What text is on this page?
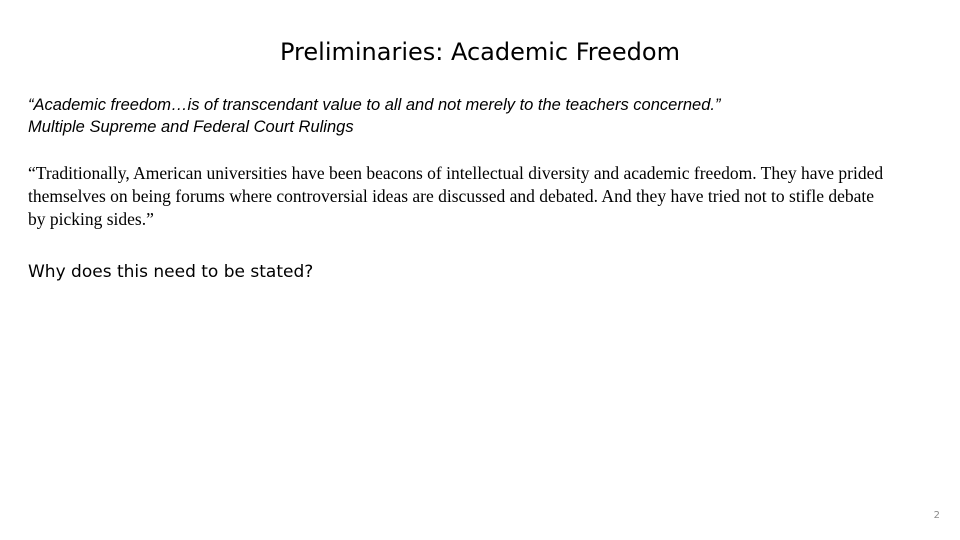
Preliminaries: Academic Freedom
“Academic freedom…is of transcendant value to all and not merely to the teachers concerned.”
Multiple Supreme and Federal Court Rulings
“Traditionally, American universities have been beacons of intellectual diversity and academic freedom. They have prided
themselves on being forums where controversial ideas are discussed and debated. And they have tried not to stifle debate
by picking sides.”
Why does this need to be stated?
2
